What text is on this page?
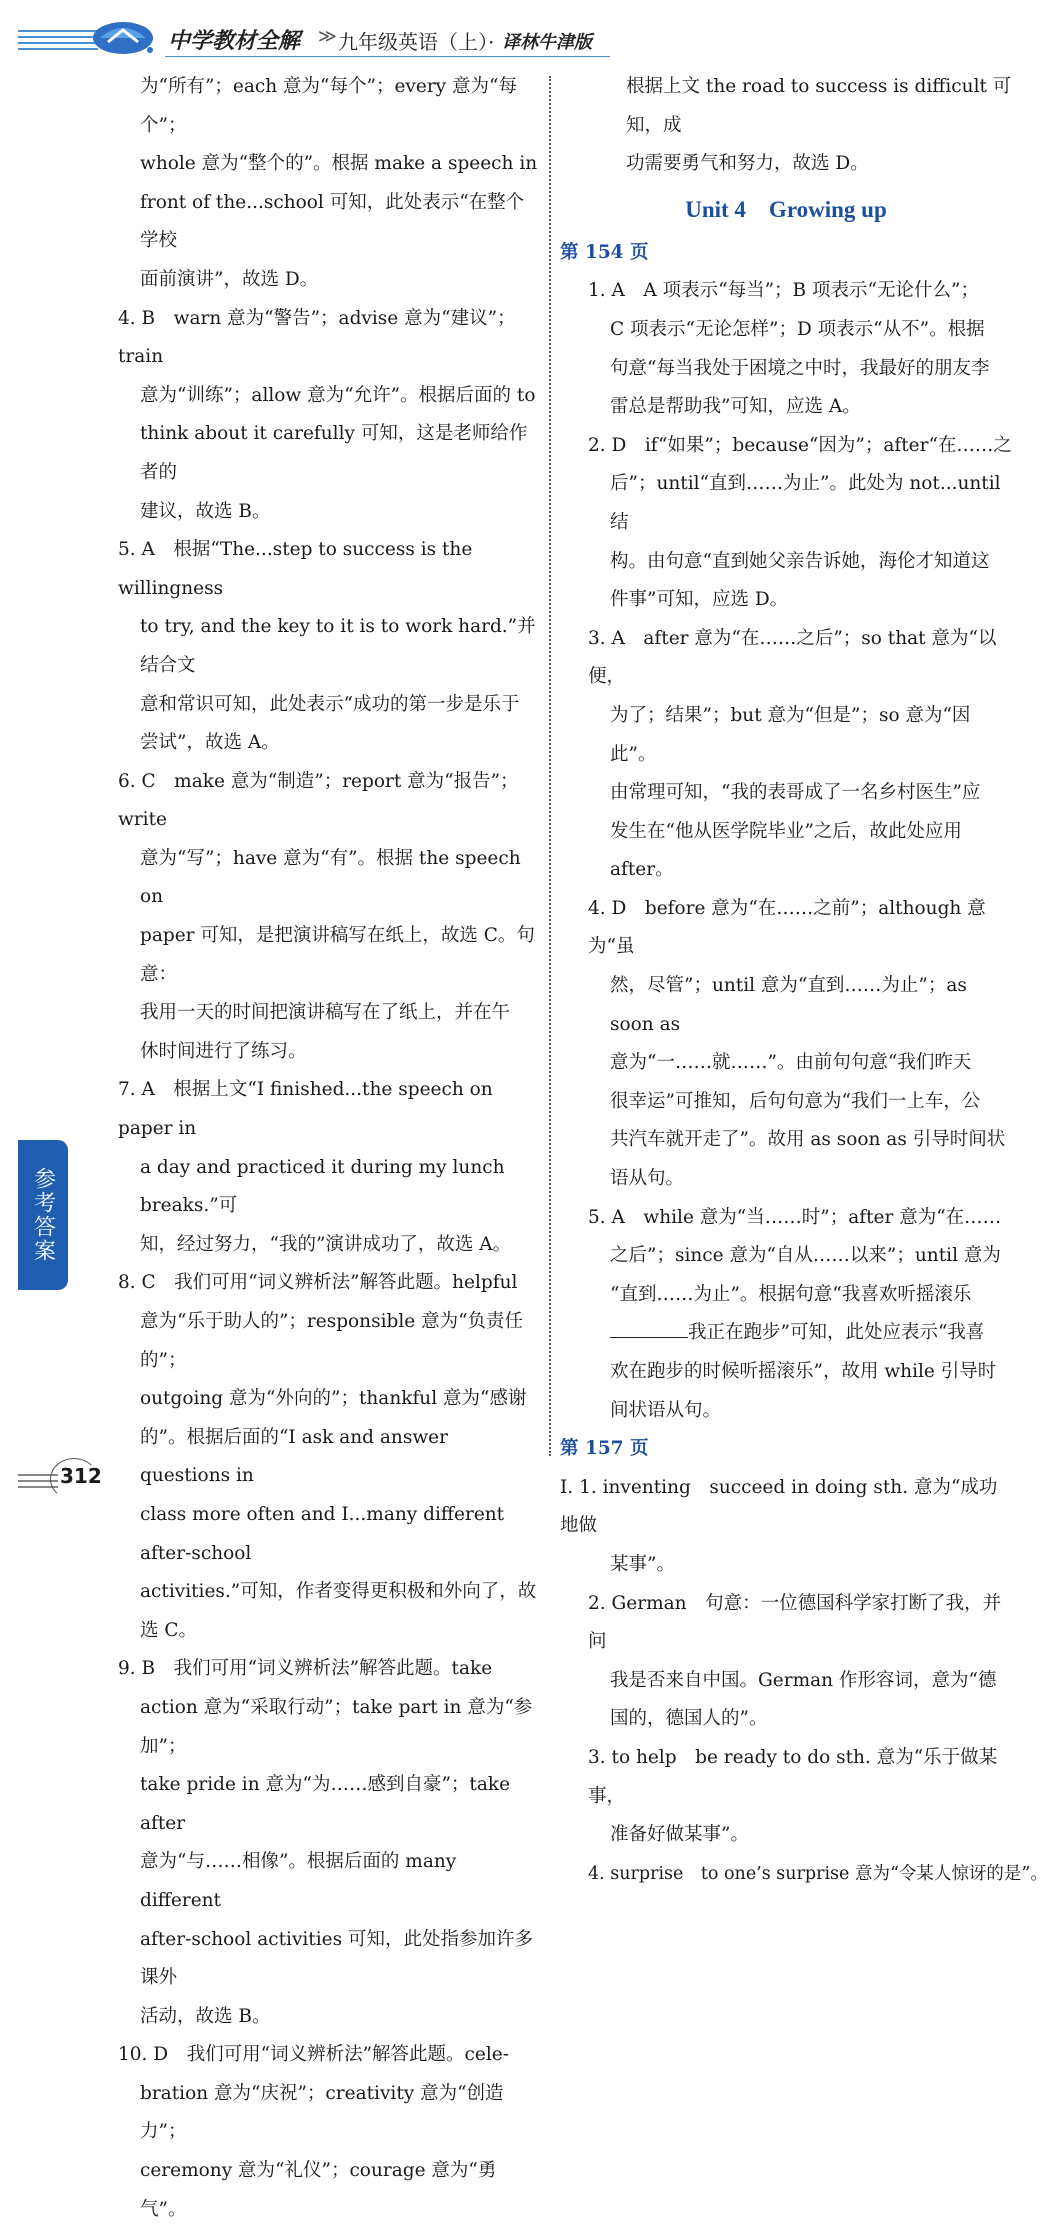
中学教材全解 ≫ 九年级英语（上）· 译林牛津版
为“所有”；each 意为“每个”；every 意为“每个”；
whole 意为“整个的”。根据 make a speech in
front of the...school 可知，此处表示“在整个学校
面前演讲”，故选 D。
4. B　warn 意为“警告”；advise 意为“建议”；train
意为“训练”；allow 意为“允许”。根据后面的 to
think about it carefully 可知，这是老师给作者的
建议，故选 B。
5. A　根据“The...step to success is the willingness
to try, and the key to it is to work hard.”并结合文
意和常识可知，此处表示“成功的第一步是乐于
尝试”，故选 A。
6. C　make 意为“制造”；report 意为“报告”；write
意为“写”；have 意为“有”。根据 the speech on
paper 可知，是把演讲稿写在纸上，故选 C。句意：
我用一天的时间把演讲稿写在了纸上，并在午
休时间进行了练习。
7. A　根据上文“I finished...the speech on paper in
a day and practiced it during my lunch breaks.”可
知，经过努力，“我的”演讲成功了，故选 A。
8. C　我们可用“词义辨析法”解答此题。helpful
意为“乐于助人的”；responsible 意为“负责任的”；
outgoing 意为“外向的”；thankful 意为“感谢
的”。根据后面的“I ask and answer questions in
class more often and I...many different after-school
activities.”可知，作者变得更积极和外向了，故
选 C。
9. B　我们可用“词义辨析法”解答此题。take
action 意为“采取行动”；take part in 意为“参加”；
take pride in 意为“为……感到自豪”；take after
意为“与……相像”。根据后面的 many different
after-school activities 可知，此处指参加许多课外
活动，故选 B。
10. D　我们可用“词义辨析法”解答此题。cele-
bration 意为“庆祝”；creativity 意为“创造力”；
ceremony 意为“礼仪”；courage 意为“勇气”。
根据上文 the road to success is difficult 可知，成
功需要勇气和努力，故选 D。
Unit 4　Growing up
第 154 页
1. A　A 项表示“每当”；B 项表示“无论什么”；
C 项表示“无论怎样”；D 项表示“从不”。根据
句意“每当我处于困境之中时，我最好的朋友李
雷总是帮助我”可知，应选 A。
2. D　if“如果”；because“因为”；after“在……之
后”；until“直到……为止”。此处为 not...until 结
构。由句意“直到她父亲告诉她，海伦才知道这
件事”可知，应选 D。
3. A　after 意为“在……之后”；so that 意为“以便，
为了；结果”；but 意为“但是”；so 意为“因此”。
由常理可知，“我的表哥成了一名乡村医生”应
发生在“他从医学院毕业”之后，故此处应用
after。
4. D　before 意为“在……之前”；although 意为“虽
然，尽管”；until 意为“直到……为止”；as soon as
意为“一……就……”。由前句句意“我们昨天
很幸运”可推知，后句句意为“我们一上车，公
共汽车就开走了”。故用 as soon as 引导时间状
语从句。
5. A　while 意为“当……时”；after 意为“在……
之后”；since 意为“自从……以来”；until 意为
“直到……为止”。根据句意“我喜欢听摇滚乐
我正在跑步”可知，此处应表示“我喜
欢在跑步的时候听摇滚乐”，故用 while 引导时
间状语从句。
第 157 页
Ⅰ. 1. inventing　succeed in doing sth. 意为“成功地做
某事”。
2. German　句意：一位德国科学家打断了我，并问
我是否来自中国。German 作形容词，意为“德
国的，德国人的”。
3. to help　be ready to do sth. 意为“乐于做某事，
准备好做某事”。
4. surprise　to one’s surprise 意为“令某人惊讶的是”。
参考答案
312
